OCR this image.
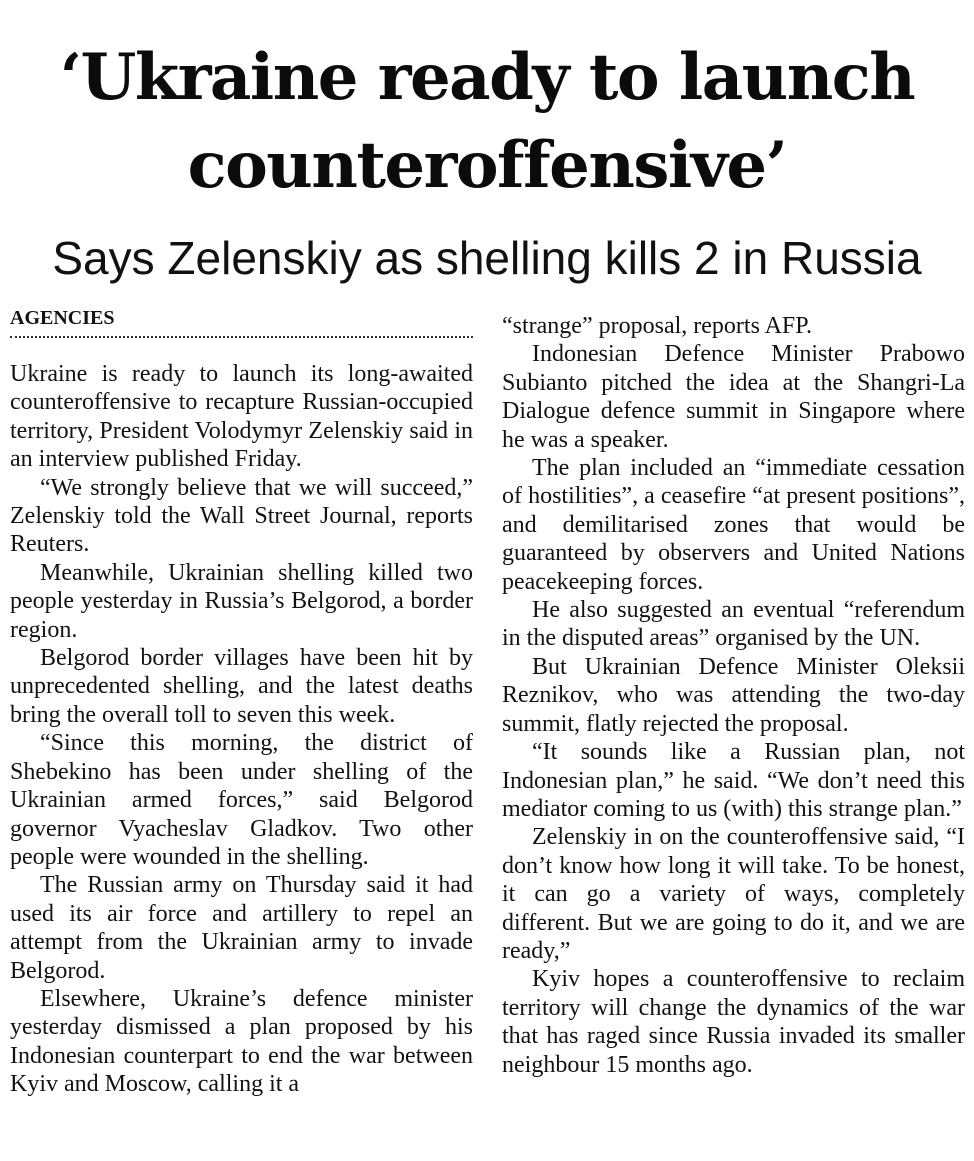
‘Ukraine ready to launch counteroffensive’
Says Zelenskiy as shelling kills 2 in Russia
AGENCIES

Ukraine is ready to launch its long-awaited counteroffensive to recapture Russian-occupied territory, President Volodymyr Zelenskiy said in an interview published Friday.

“We strongly believe that we will succeed,” Zelenskiy told the Wall Street Journal, reports Reuters.

Meanwhile, Ukrainian shelling killed two people yesterday in Russia’s Belgorod, a border region.

Belgorod border villages have been hit by unprecedented shelling, and the latest deaths bring the overall toll to seven this week.

“Since this morning, the district of Shebekino has been under shelling of the Ukrainian armed forces,” said Belgorod governor Vyacheslav Gladkov. Two other people were wounded in the shelling.

The Russian army on Thursday said it had used its air force and artillery to repel an attempt from the Ukrainian army to invade Belgorod.

Elsewhere, Ukraine’s defence minister yesterday dismissed a plan proposed by his Indonesian counterpart to end the war between Kyiv and Moscow, calling it a

“strange” proposal, reports AFP.

Indonesian Defence Minister Prabowo Subianto pitched the idea at the Shangri-La Dialogue defence summit in Singapore where he was a speaker.

The plan included an “immediate cessation of hostilities”, a ceasefire “at present positions”, and demilitarised zones that would be guaranteed by observers and United Nations peacekeeping forces.

He also suggested an eventual “referendum in the disputed areas” organised by the UN.

But Ukrainian Defence Minister Oleksii Reznikov, who was attending the two-day summit, flatly rejected the proposal.

“It sounds like a Russian plan, not Indonesian plan,” he said. “We don’t need this mediator coming to us (with) this strange plan.”

Zelenskiy in on the counteroffensive said, “I don’t know how long it will take. To be honest, it can go a variety of ways, completely different. But we are going to do it, and we are ready,”

Kyiv hopes a counteroffensive to reclaim territory will change the dynamics of the war that has raged since Russia invaded its smaller neighbour 15 months ago.
